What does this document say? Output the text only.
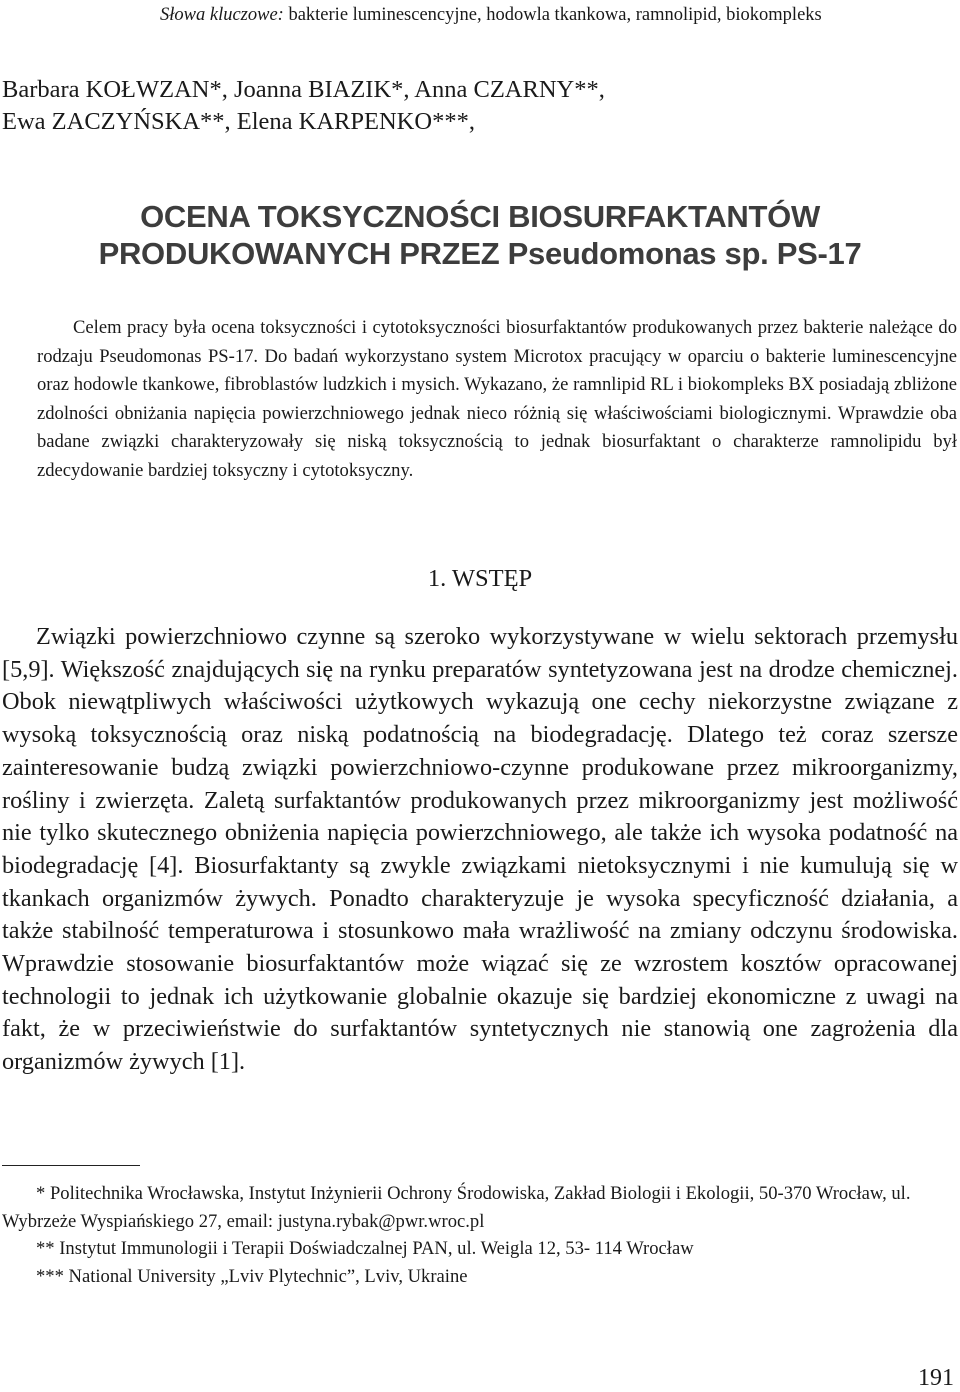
Słowa kluczowe: bakterie luminescencyjne, hodowla tkankowa, ramnolipid, biokompleks
Barbara KOŁWZAN*, Joanna BIAZIK*, Anna CZARNY**,
Ewa ZACZYŃSKA**, Elena KARPENKO***,
OCENA TOKSYCZNOŚCI BIOSURFAKTANTÓW
PRODUKOWANYCH PRZEZ Pseudomonas sp. PS-17

Celem pracy była ocena toksyczności i cytotoksyczności biosurfaktantów produkowanych przez bakterie należące do rodzaju Pseudomonas PS-17. Do badań wykorzystano system Microtox pracujący w oparciu o bakterie luminescencyjne oraz hodowle tkankowe, fibroblastów ludzkich i mysich. Wykazano, że ramnlipid RL i biokompleks BX posiadają zbliżone zdolności obniżania napięcia powierzchniowego jednak nieco różnią się właściwościami biologicznymi. Wprawdzie oba badane związki charakteryzowały się niską toksycznością to jednak biosurfaktant o charakterze ramnolipidu był zdecydowanie bardziej toksyczny i cytotoksyczny.

1. WSTĘP

Związki powierzchniowo czynne są szeroko wykorzystywane w wielu sektorach przemysłu [5,9]. Większość znajdujących się na rynku preparatów syntetyzowana jest na drodze chemicznej. Obok niewątpliwych właściwości użytkowych wykazują one cechy niekorzystne związane z wysoką toksycznością oraz niską podatnością na biodegradację. Dlatego też coraz szersze zainteresowanie budzą związki powierzchniowo-czynne produkowane przez mikroorganizmy, rośliny i zwierzęta. Zaletą surfaktantów produkowanych przez mikroorganizmy jest możliwość nie tylko skutecznego obniżenia napięcia powierzchniowego, ale także ich wysoka podatność na biodegradację [4]. Biosurfaktanty są zwykle związkami nietoksycznymi i nie kumulują się w tkankach organizmów żywych. Ponadto charakteryzuje je wysoka specyficzność działania, a także stabilność temperaturowa i stosunkowo mała wrażliwość na zmiany odczynu środowiska. Wprawdzie stosowanie biosurfaktantów może wiązać się ze wzrostem kosztów opracowanej technologii to jednak ich użytkowanie globalnie okazuje się bardziej ekonomiczne z uwagi na fakt, że w przeciwieństwie do surfaktantów syntetycznych nie stanowią one zagrożenia dla organizmów żywych [1].

* Politechnika Wrocławska, Instytut Inżynierii Ochrony Środowiska, Zakład Biologii i Ekologii, 50-370 Wrocław, ul. Wybrzeże Wyspiańskiego 27, email: justyna.rybak@pwr.wroc.pl

** Instytut Immunologii i Terapii Doświadczalnej PAN, ul. Weigla 12, 53- 114 Wrocław

*** National University „Lviv Plytechnic”, Lviv, Ukraine

191
